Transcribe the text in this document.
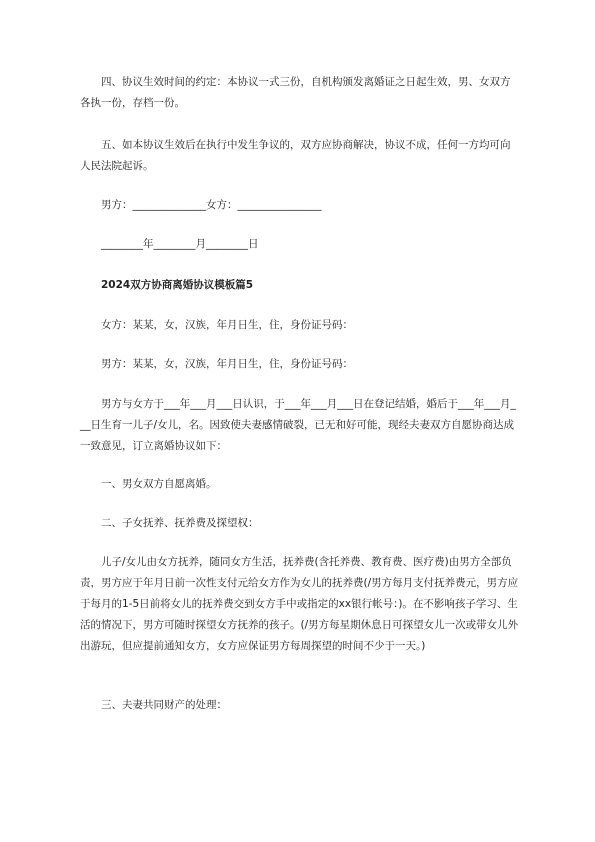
四、协议生效时间的约定：本协议一式三份，自机构颁发离婚证之日起生效，男、女双方各执一份，存档一份。

五、如本协议生效后在执行中发生争议的，双方应协商解决，协议不成，任何一方均可向人民法院起诉。

男方：______________女方：________________
________年________月________日
2024双方协商离婚协议模板篇5
女方：某某，女，汉族，年月日生，住，身份证号码：
男方：某某，女，汉族，年月日生，住，身份证号码：

男方与女方于___年___月___日认识，于___年___月___日在登记结婚，婚后于___年___月___日生育一儿子/女儿，名。因致使夫妻感情破裂，已无和好可能，现经夫妻双方自愿协商达成一致意见，订立离婚协议如下：

一、男女双方自愿离婚。
二、子女抚养、抚养费及探望权：

儿子/女儿由女方抚养，随同女方生活，抚养费(含托养费、教育费、医疗费)由男方全部负责，男方应于年月日前一次性支付元给女方作为女儿的抚养费(/男方每月支付抚养费元，男方应于每月的1-5日前将女儿的抚养费交到女方手中或指定的xx银行帐号：)。在不影响孩子学习、生活的情况下，男方可随时探望女方抚养的孩子。(/男方每星期休息日可探望女儿一次或带女儿外出游玩，但应提前通知女方，女方应保证男方每周探望的时间不少于一天。)

三、夫妻共同财产的处理：
